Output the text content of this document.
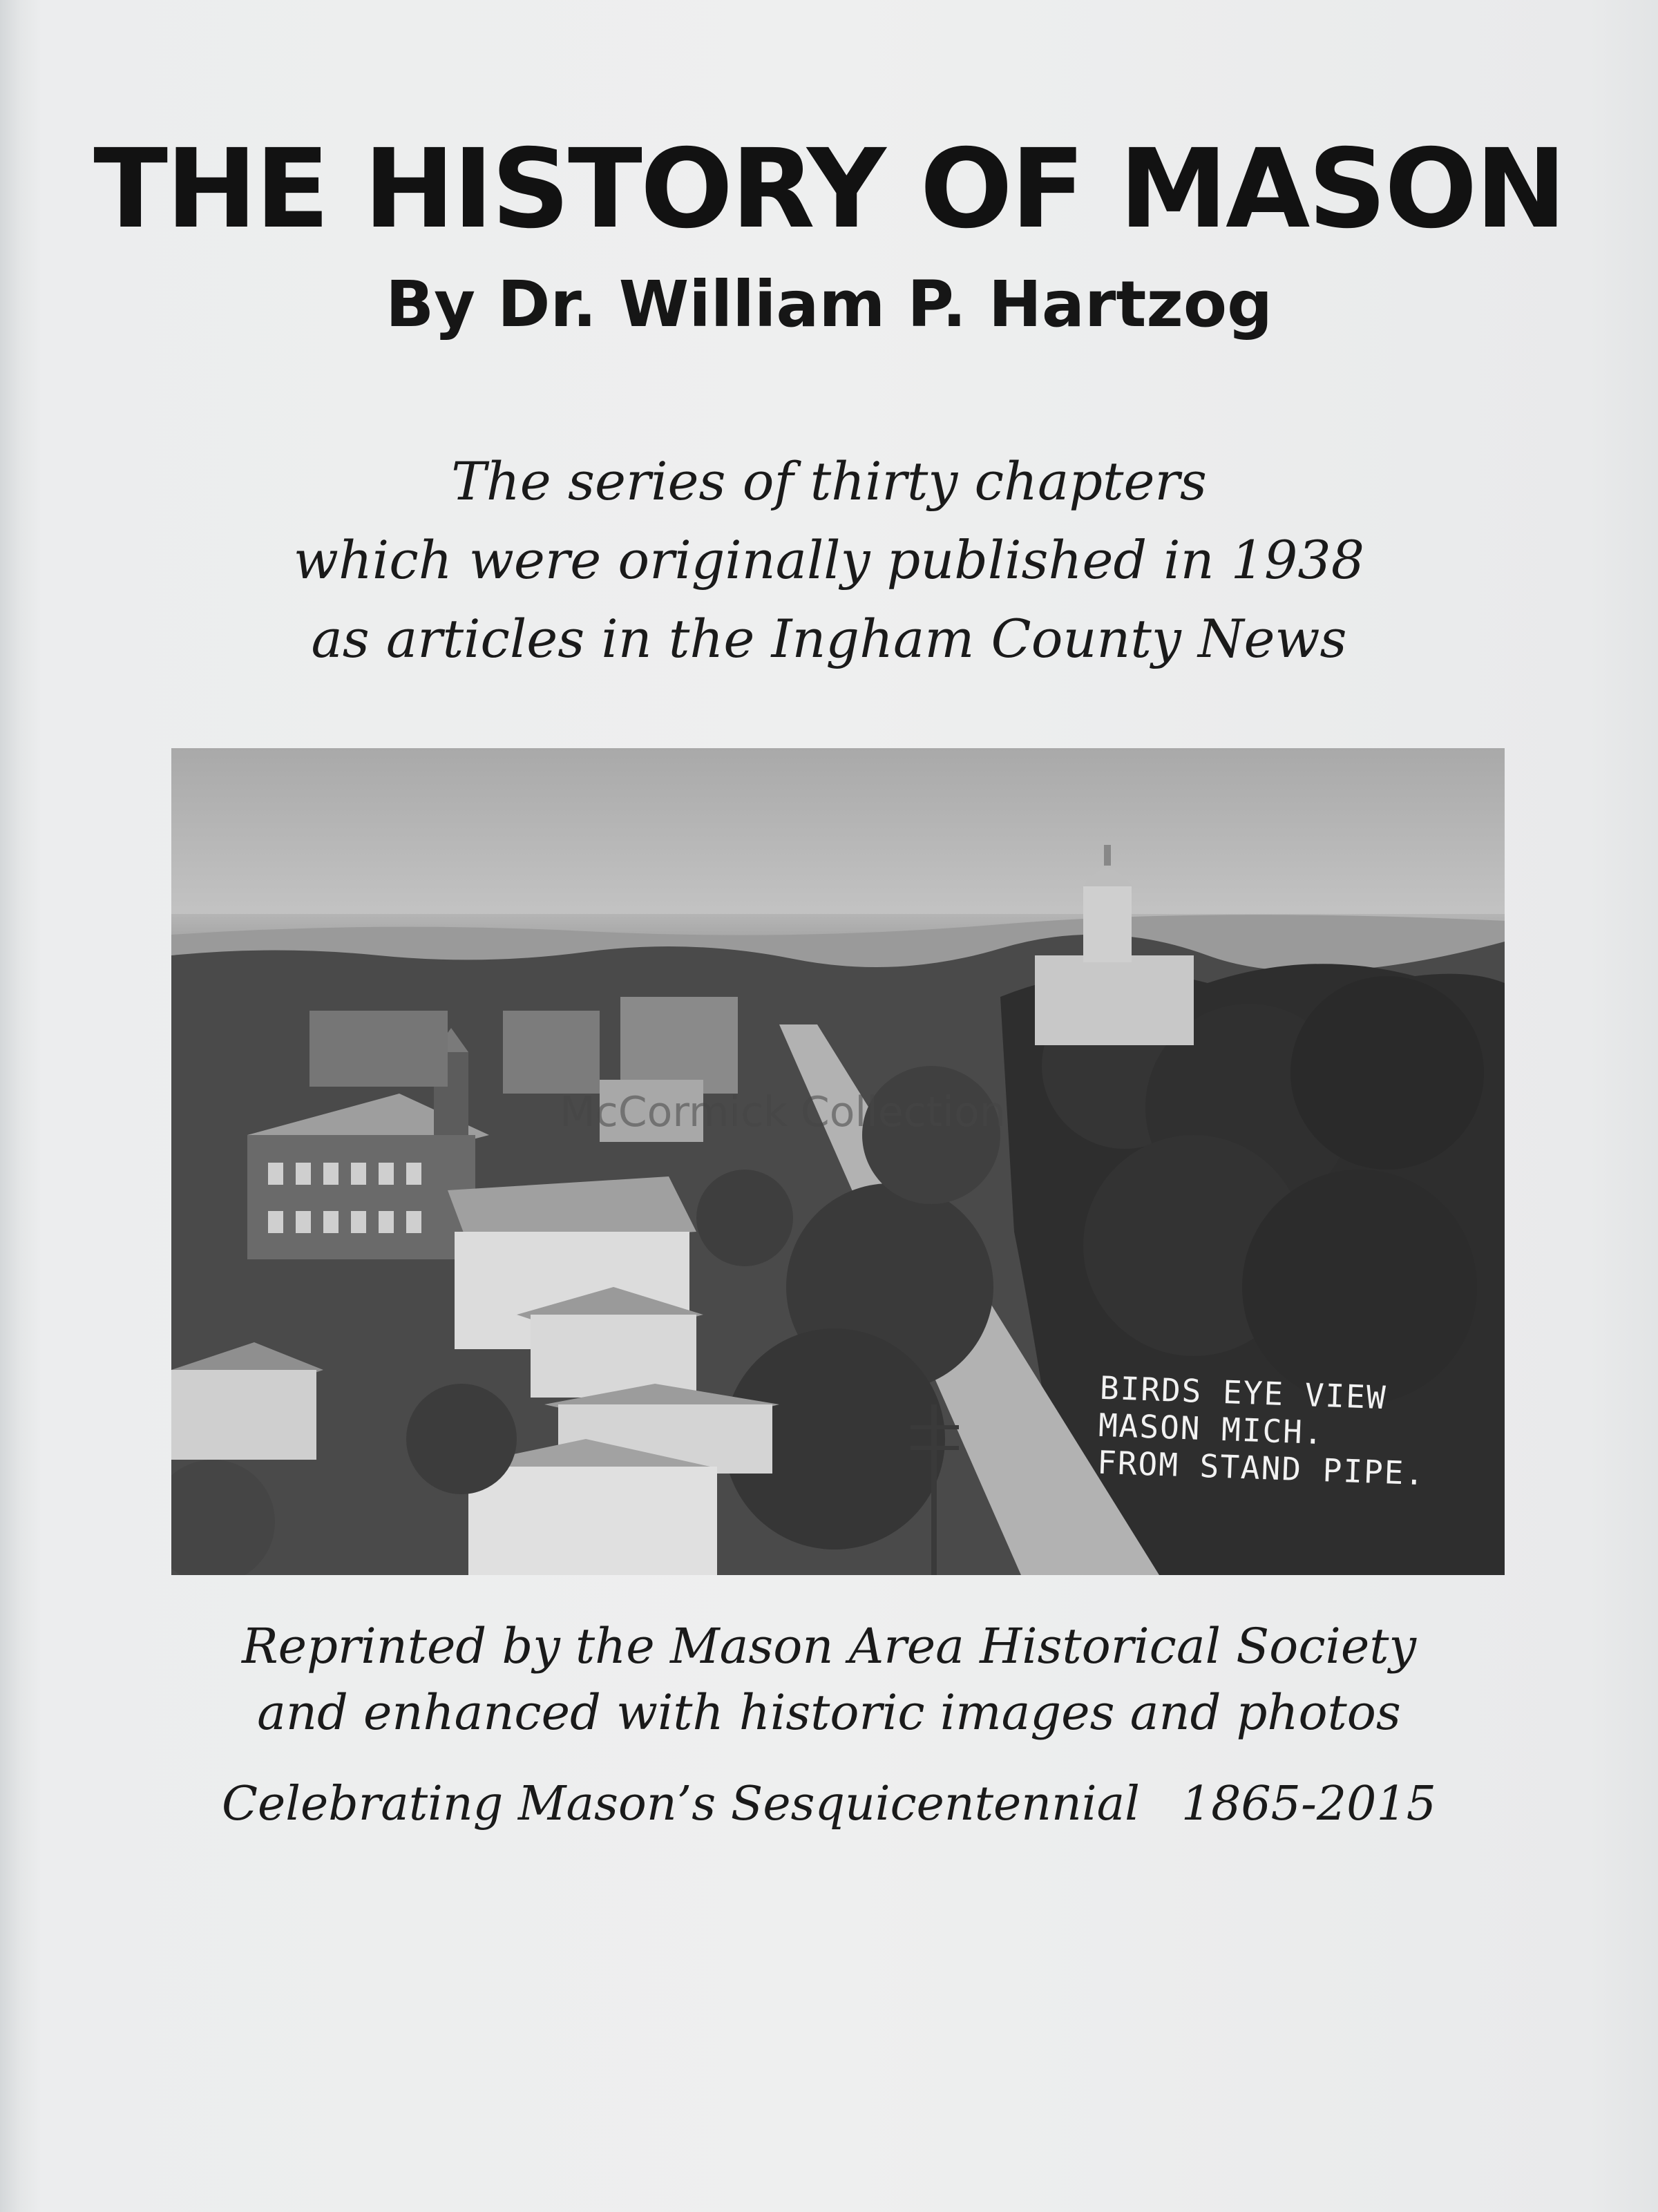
THE HISTORY OF MASON
By Dr. William P. Hartzog
The series of thirty chapters
which were originally published in 1938
as articles in the Ingham County News
McCormick Collection
BIRDS EYE VIEW
MASON MICH.
FROM STAND PIPE.
Reprinted by the Mason Area Historical Society
and enhanced with historic images and photos
Celebrating Mason’s Sesquicentennial 1865-2015
